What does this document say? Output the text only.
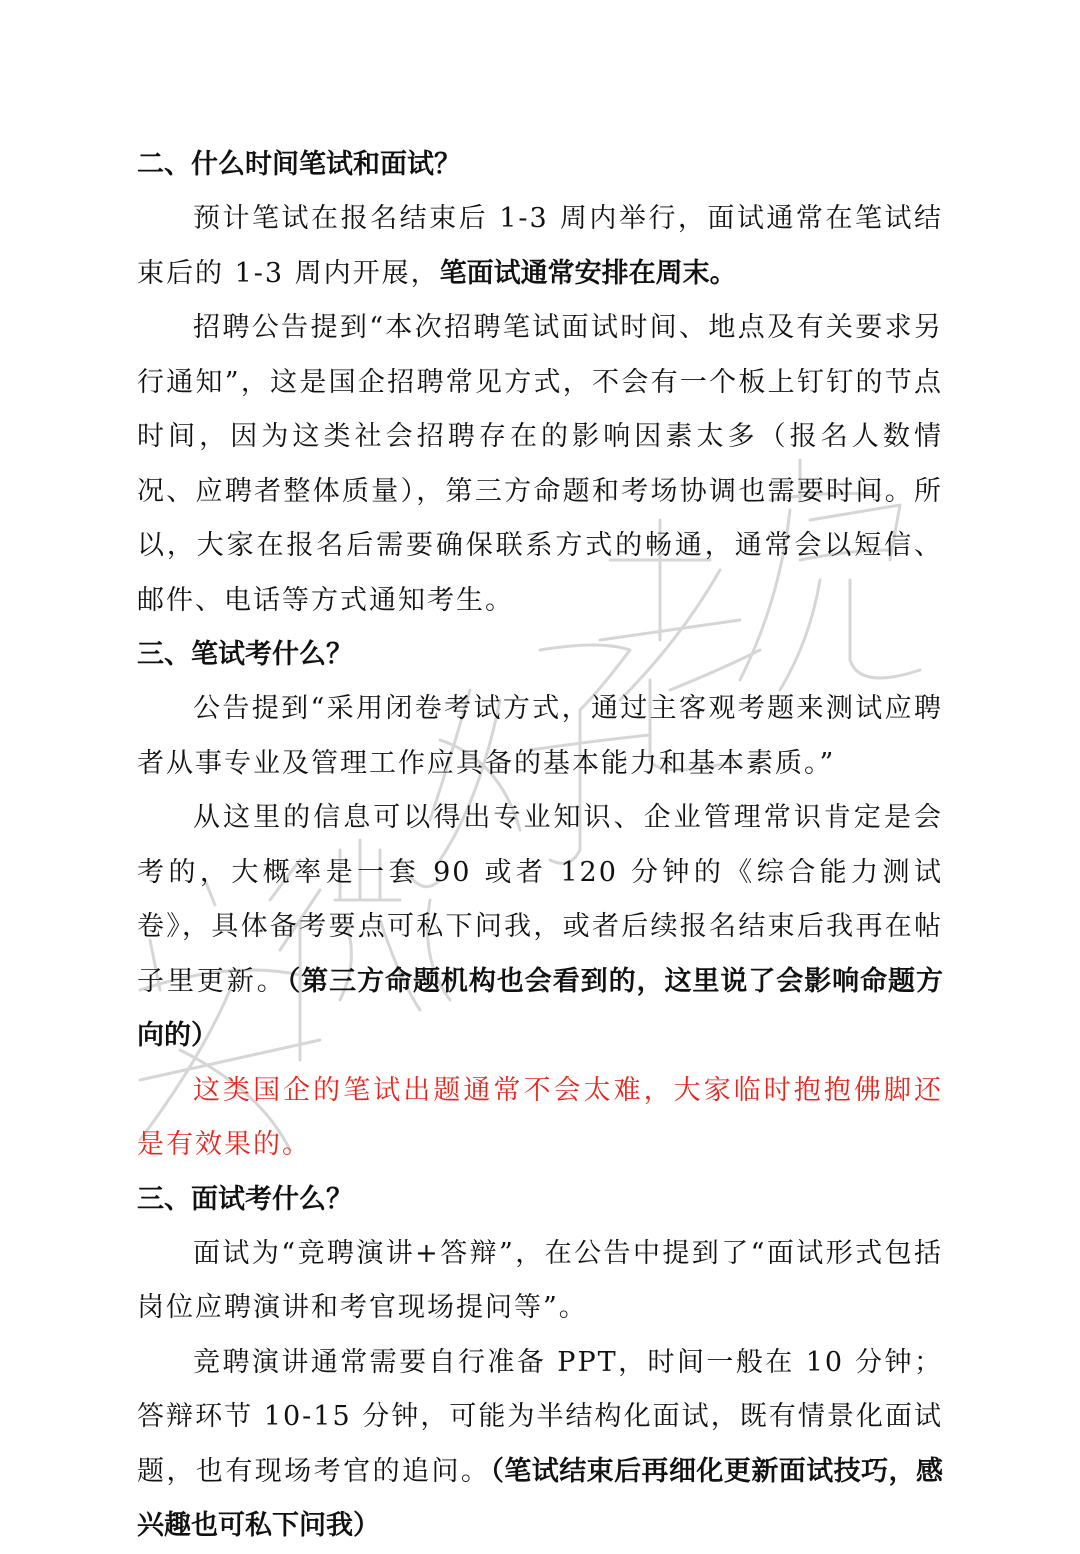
二、什么时间笔试和面试？

预计笔试在报名结束后 1-3 周内举行，面试通常在笔试结束后的 1-3 周内开展，笔面试通常安排在周末。

招聘公告提到“本次招聘笔试面试时间、地点及有关要求另行通知”，这是国企招聘常见方式，不会有一个板上钉钉的节点时间，因为这类社会招聘存在的影响因素太多（报名人数情况、应聘者整体质量），第三方命题和考场协调也需要时间。所以，大家在报名后需要确保联系方式的畅通，通常会以短信、邮件、电话等方式通知考生。

三、笔试考什么？

公告提到“采用闭卷考试方式，通过主客观考题来测试应聘者从事专业及管理工作应具备的基本能力和基本素质。”

从这里的信息可以得出专业知识、企业管理常识肯定是会考的，大概率是一套 90 或者 120 分钟的《综合能力测试卷》，具体备考要点可私下问我，或者后续报名结束后我再在帖子里更新。（第三方命题机构也会看到的，这里说了会影响命题方向的）

这类国企的笔试出题通常不会太难，大家临时抱抱佛脚还是有效果的。

三、面试考什么？

面试为“竞聘演讲+答辩”，在公告中提到了“面试形式包括岗位应聘演讲和考官现场提问等”。

竞聘演讲通常需要自行准备 PPT，时间一般在 10 分钟；答辩环节 10-15 分钟，可能为半结构化面试，既有情景化面试题，也有现场考官的追问。（笔试结束后再细化更新面试技巧，感兴趣也可私下问我）
